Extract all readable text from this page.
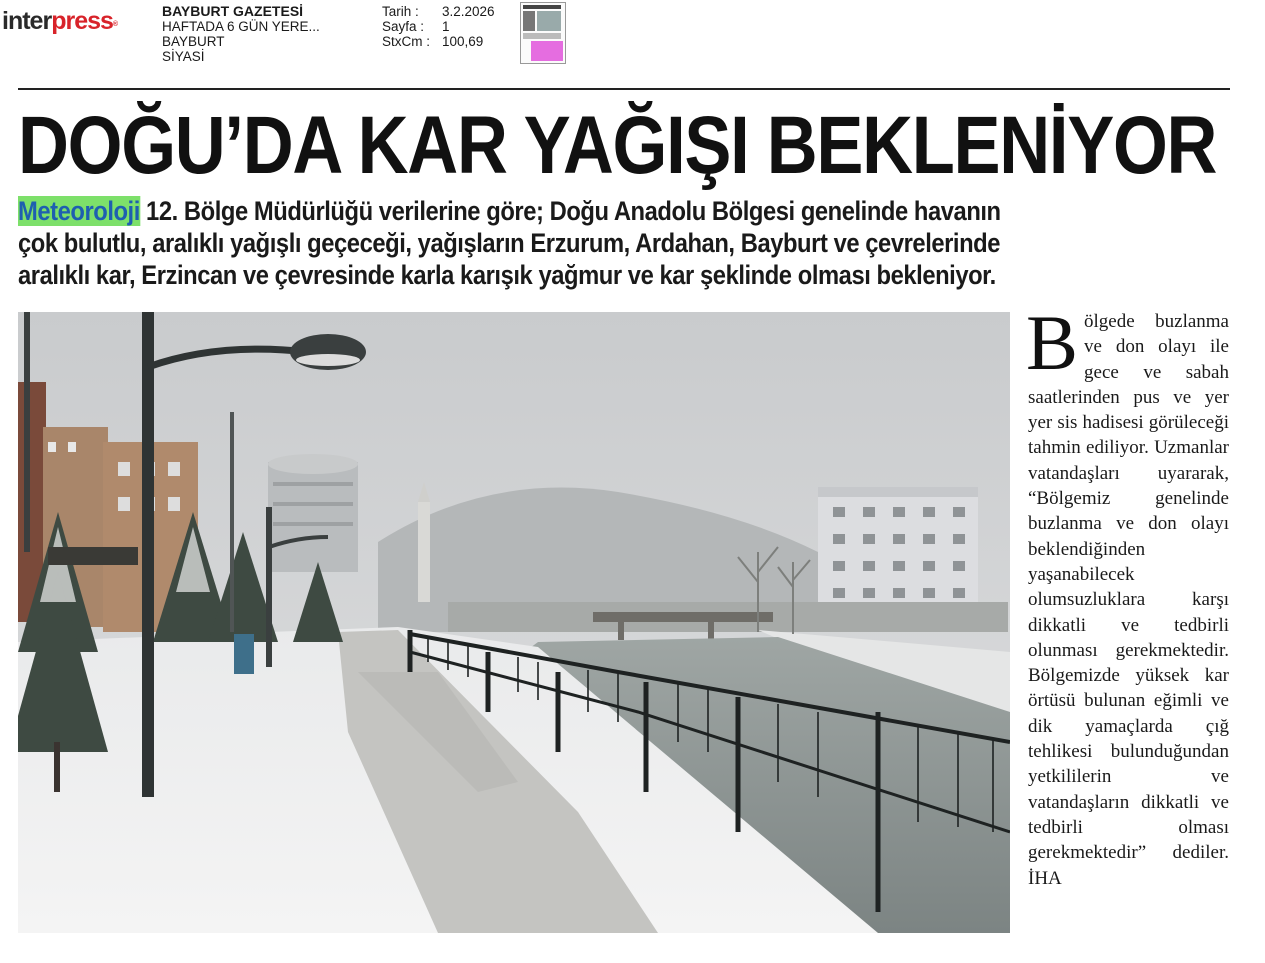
interpress®
BAYBURT GAZETESİ
HAFTADA 6 GÜN YERE...
BAYBURT
SİYASİ
Tarih :	3.2.2026
Sayfa :	1
StxCm : 100,69
DOĞU’DA KAR YAĞIŞI BEKLENİYOR
Meteoroloji 12. Bölge Müdürlüğü verilerine göre; Doğu Anadolu Bölgesi genelinde havanın
çok bulutlu, aralıklı yağışlı geçeceği, yağışların Erzurum, Ardahan, Bayburt ve çevrelerinde
aralıklı kar, Erzincan ve çevresinde karla karışık yağmur ve kar şeklinde olması bekleniyor.
Bölgede buzlanma ve don olayı ile gece ve sabah saatlerinden pus ve yer yer sis hadisesi görüleceği tahmin ediliyor. Uzmanlar vatandaşları uyararak, “Bölgemiz genelinde buzlanma ve don olayı beklendiğinden yaşanabilecek olumsuzluklara karşı dikkatli ve tedbirli olunması gerekmektedir. Bölgemizde yüksek kar örtüsü bulunan eğimli ve dik yamaçlarda çığ tehlikesi bulunduğundan yetkililerin ve vatandaşların dikkatli ve tedbirli olması gerekmektedir” dediler. İHA
